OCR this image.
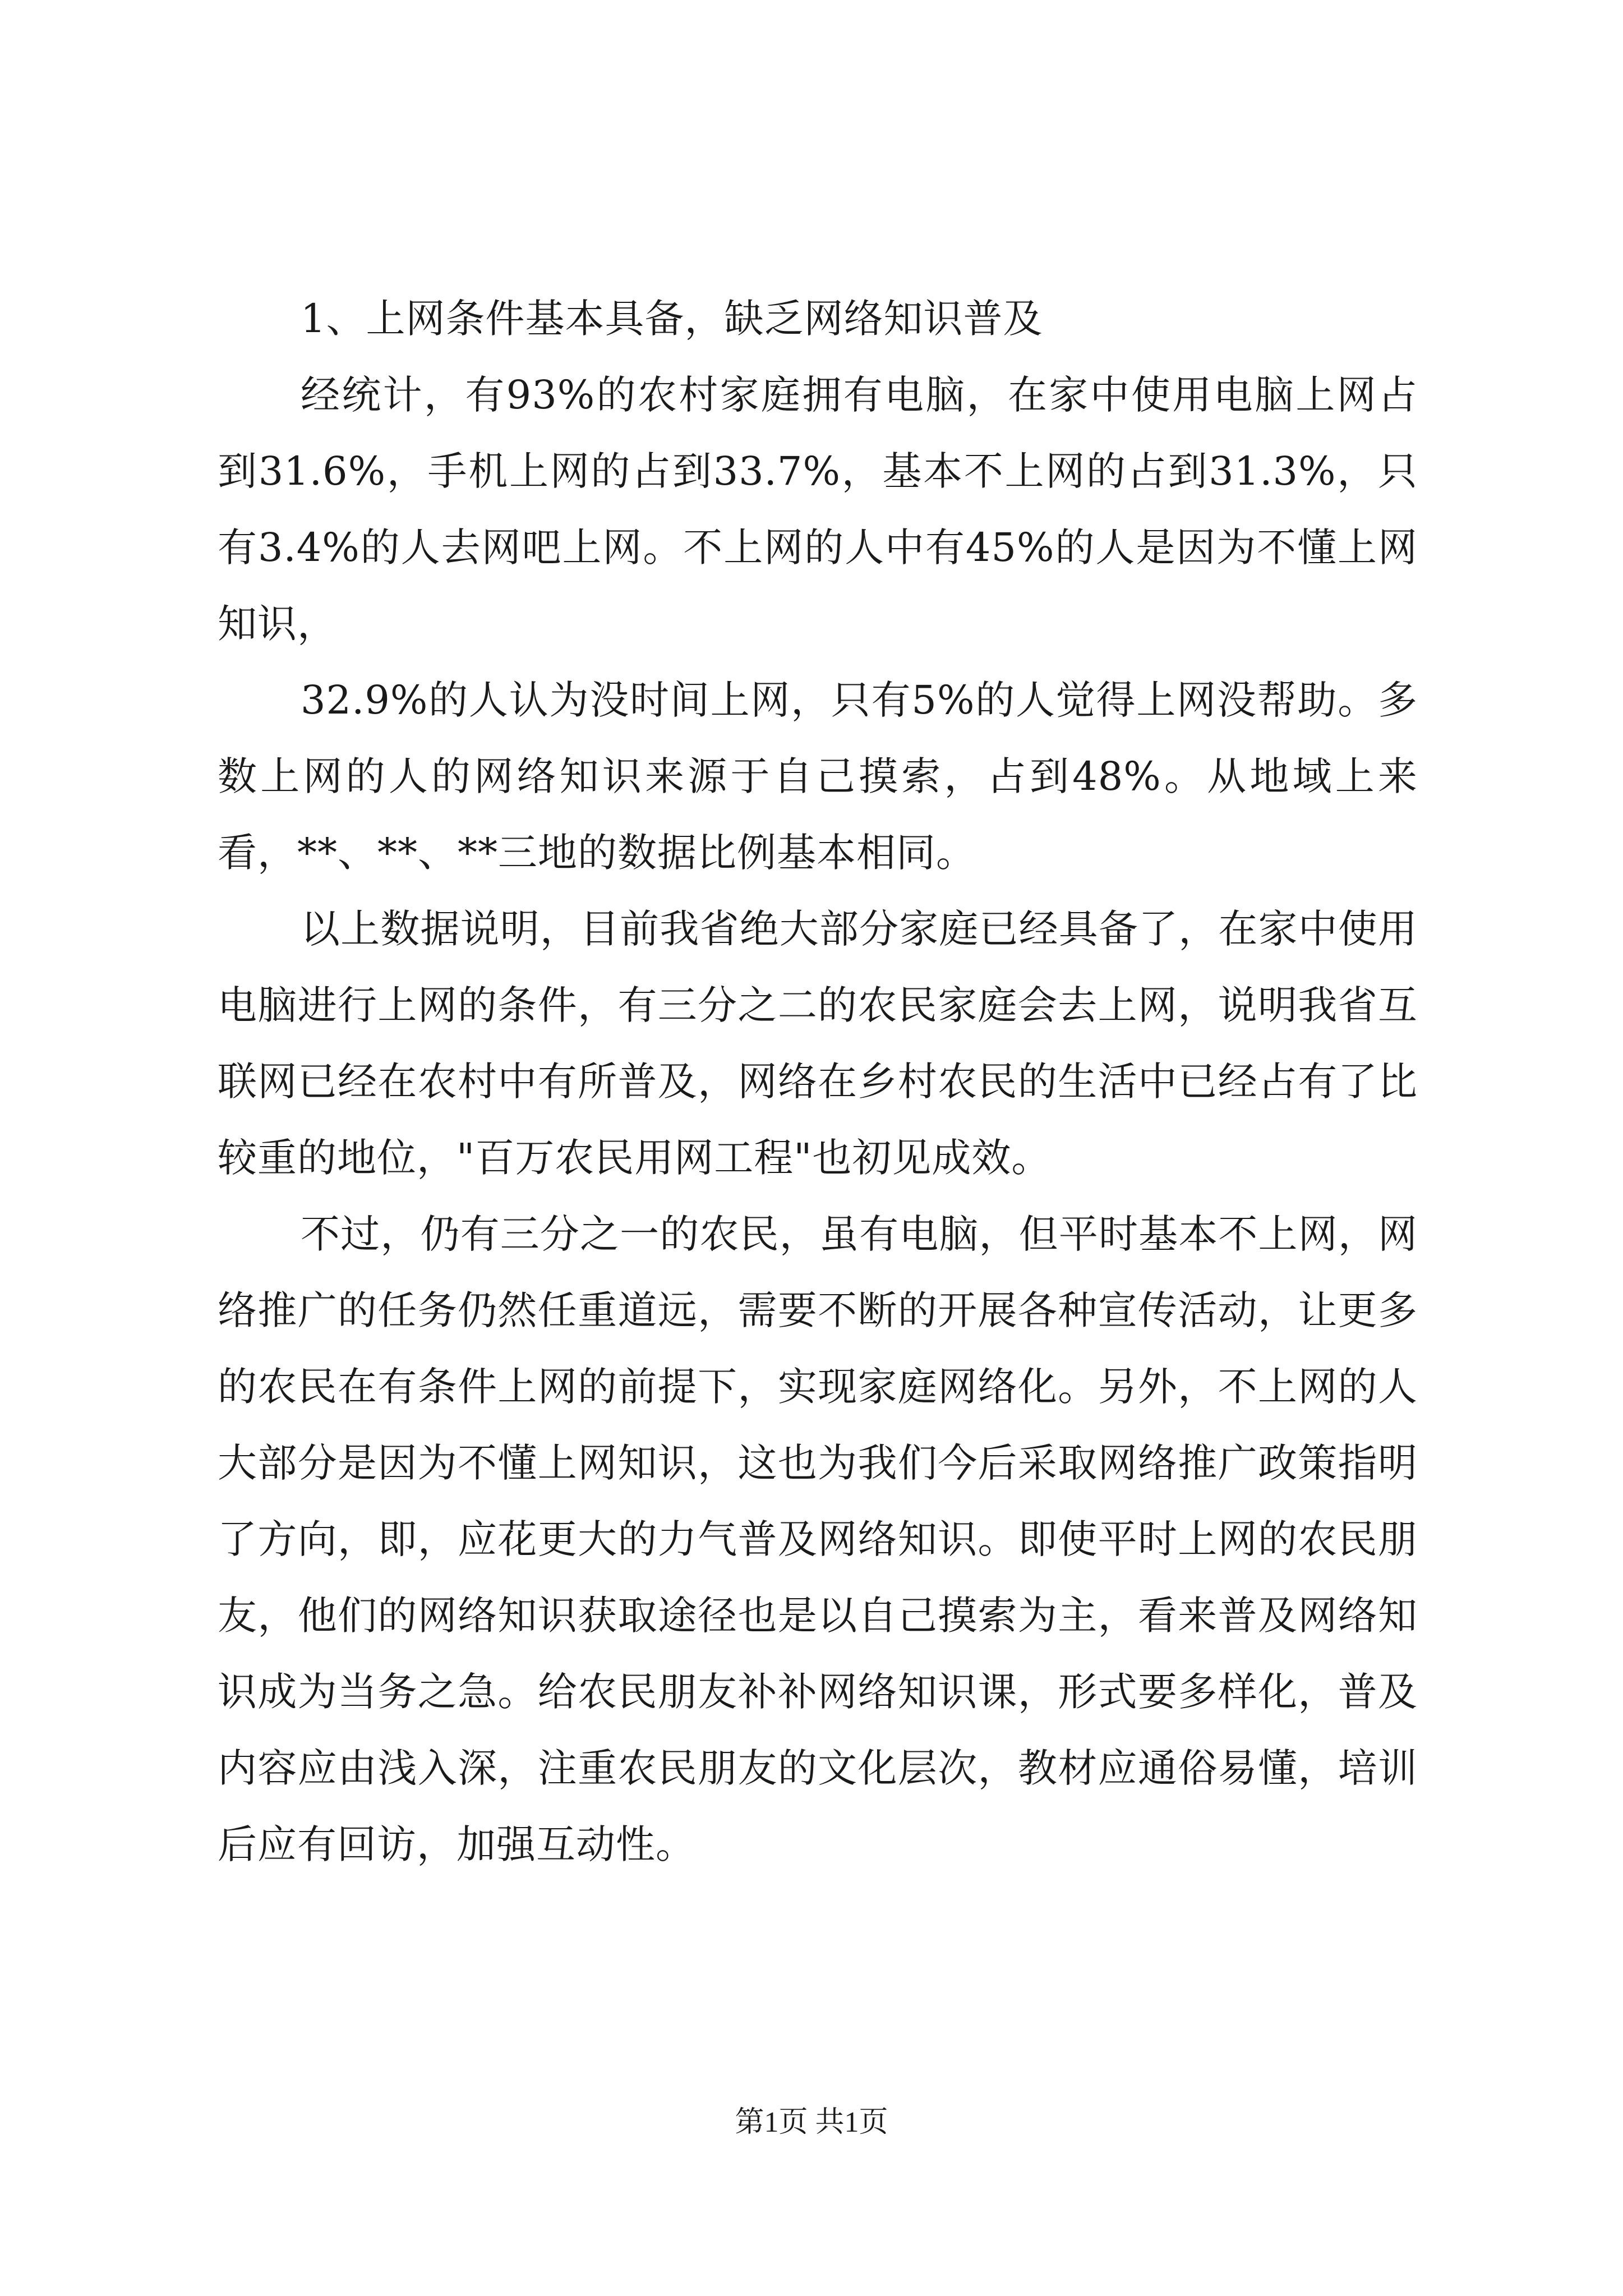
1、上网条件基本具备，缺乏网络知识普及

经统计，有93%的农村家庭拥有电脑，在家中使用电脑上网占到31.6%，手机上网的占到33.7%，基本不上网的占到31.3%，只有3.4%的人去网吧上网。不上网的人中有45%的人是因为不懂上网知识，

32.9%的人认为没时间上网，只有5%的人觉得上网没帮助。多数上网的人的网络知识来源于自己摸索，占到48%。从地域上来看，**、**、**三地的数据比例基本相同。

以上数据说明，目前我省绝大部分家庭已经具备了，在家中使用电脑进行上网的条件，有三分之二的农民家庭会去上网，说明我省互联网已经在农村中有所普及，网络在乡村农民的生活中已经占有了比较重的地位，"百万农民用网工程"也初见成效。

不过，仍有三分之一的农民，虽有电脑，但平时基本不上网，网络推广的任务仍然任重道远，需要不断的开展各种宣传活动，让更多的农民在有条件上网的前提下，实现家庭网络化。另外，不上网的人大部分是因为不懂上网知识，这也为我们今后采取网络推广政策指明了方向，即，应花更大的力气普及网络知识。即使平时上网的农民朋友，他们的网络知识获取途径也是以自己摸索为主，看来普及网络知识成为当务之急。给农民朋友补补网络知识课，形式要多样化，普及内容应由浅入深，注重农民朋友的文化层次，教材应通俗易懂，培训后应有回访，加强互动性。

第1页 共1页
